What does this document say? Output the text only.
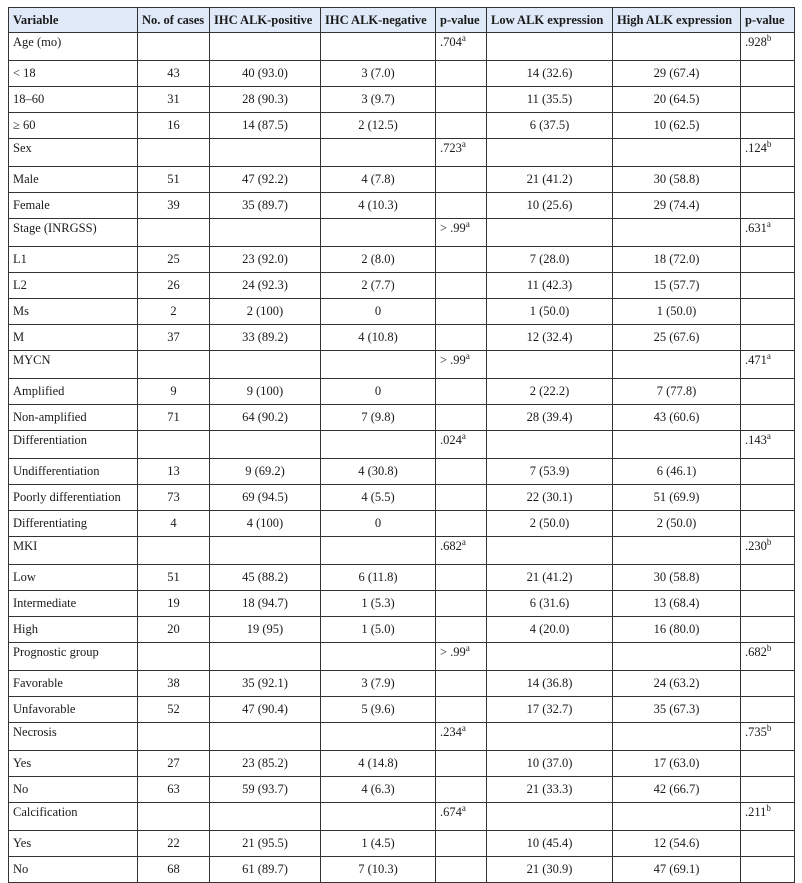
Variable	No. of cases	IHC ALK-positive	IHC ALK-negative	p-value	Low ALK expression	High ALK expression	p-value
Age (mo)				.704$^a$			.928$^b$
< 18	43	40 (93.0)	3 (7.0)		14 (32.6)	29 (67.4)	
18–60	31	28 (90.3)	3 (9.7)		11 (35.5)	20 (64.5)	
≥ 60	16	14 (87.5)	2 (12.5)		6 (37.5)	10 (62.5)	
Sex				.723$^a$			.124$^b$
Male	51	47 (92.2)	4 (7.8)		21 (41.2)	30 (58.8)	
Female	39	35 (89.7)	4 (10.3)		10 (25.6)	29 (74.4)	
Stage (INRGSS)				> .99$^a$			.631$^a$
L1	25	23 (92.0)	2 (8.0)		7 (28.0)	18 (72.0)	
L2	26	24 (92.3)	2 (7.7)		11 (42.3)	15 (57.7)	
Ms	2	2 (100)	0		1 (50.0)	1 (50.0)	
M	37	33 (89.2)	4 (10.8)		12 (32.4)	25 (67.6)	
MYCN				> .99$^a$			.471$^a$
Amplified	9	9 (100)	0		2 (22.2)	7 (77.8)	
Non-amplified	71	64 (90.2)	7 (9.8)		28 (39.4)	43 (60.6)	
Differentiation				.024$^a$			.143$^a$
Undifferentiation	13	9 (69.2)	4 (30.8)		7 (53.9)	6 (46.1)	
Poorly differentiation	73	69 (94.5)	4 (5.5)		22 (30.1)	51 (69.9)	
Differentiating	4	4 (100)	0		2 (50.0)	2 (50.0)	
MKI				.682$^a$			.230$^b$
Low	51	45 (88.2)	6 (11.8)		21 (41.2)	30 (58.8)	
Intermediate	19	18 (94.7)	1 (5.3)		6 (31.6)	13 (68.4)	
High	20	19 (95)	1 (5.0)		4 (20.0)	16 (80.0)	
Prognostic group				> .99$^a$			.682$^b$
Favorable	38	35 (92.1)	3 (7.9)		14 (36.8)	24 (63.2)	
Unfavorable	52	47 (90.4)	5 (9.6)		17 (32.7)	35 (67.3)	
Necrosis				.234$^a$			.735$^b$
Yes	27	23 (85.2)	4 (14.8)		10 (37.0)	17 (63.0)	
No	63	59 (93.7)	4 (6.3)		21 (33.3)	42 (66.7)	
Calcification				.674$^a$			.211$^b$
Yes	22	21 (95.5)	1 (4.5)		10 (45.4)	12 (54.6)	
No	68	61 (89.7)	7 (10.3)		21 (30.9)	47 (69.1)	
